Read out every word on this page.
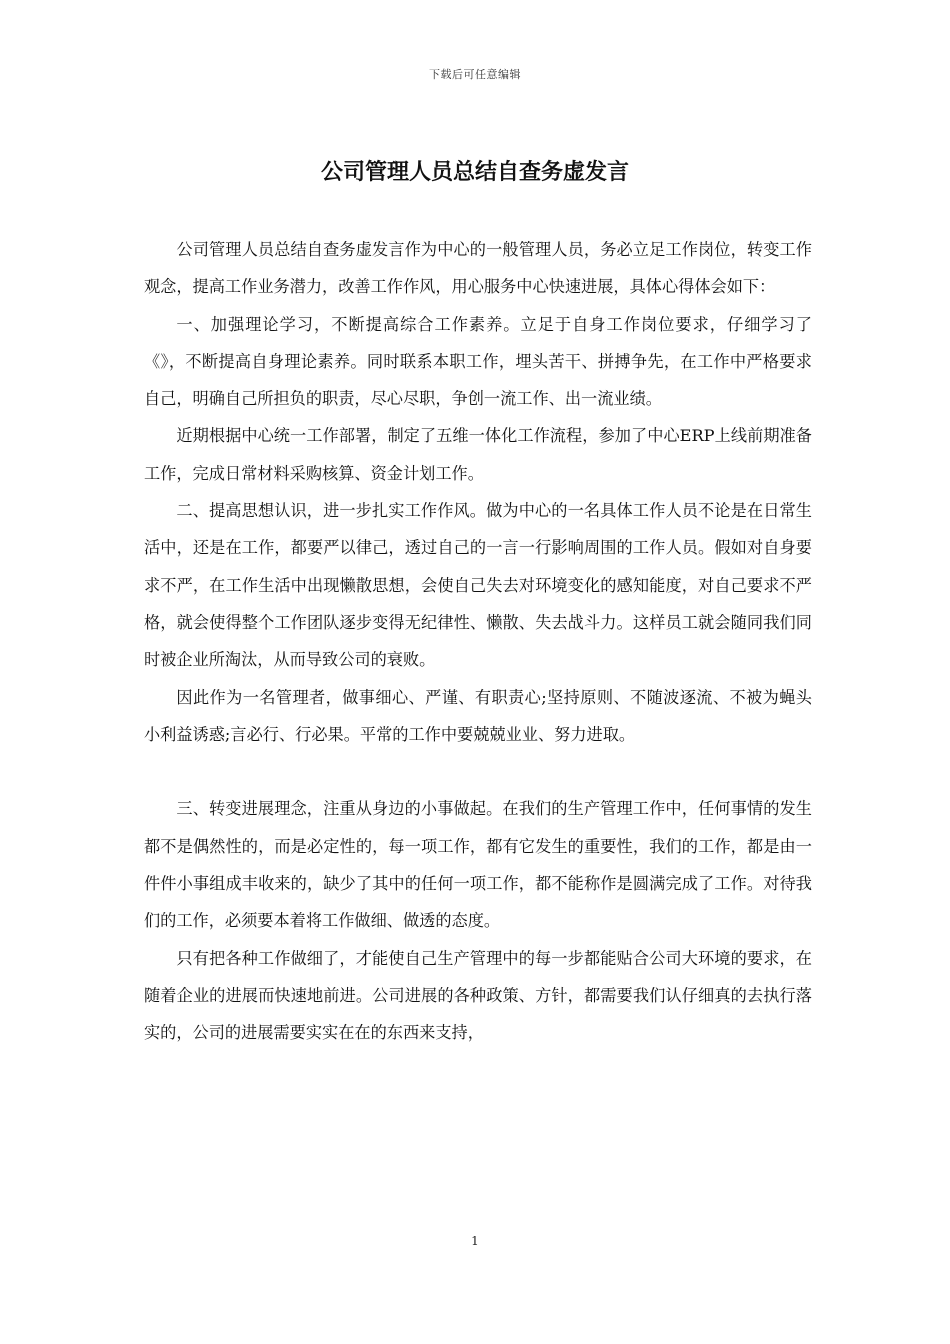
下载后可任意编辑
公司管理人员总结自查务虚发言

公司管理人员总结自查务虚发言作为中心的一般管理人员，务必立足工作岗位，转变工作观念，提高工作业务潜力，改善工作作风，用心服务中心快速进展，具体心得体会如下：

一、加强理论学习，不断提高综合工作素养。立足于自身工作岗位要求，仔细学习了《》，不断提高自身理论素养。同时联系本职工作，埋头苦干、拼搏争先，在工作中严格要求自己，明确自己所担负的职责，尽心尽职，争创一流工作、出一流业绩。

近期根据中心统一工作部署，制定了五维一体化工作流程，参加了中心ERP上线前期准备工作，完成日常材料采购核算、资金计划工作。

二、提高思想认识，进一步扎实工作作风。做为中心的一名具体工作人员不论是在日常生活中，还是在工作，都要严以律己，透过自己的一言一行影响周围的工作人员。假如对自身要求不严，在工作生活中出现懒散思想，会使自己失去对环境变化的感知能度，对自己要求不严格，就会使得整个工作团队逐步变得无纪律性、懒散、失去战斗力。这样员工就会随同我们同时被企业所淘汰，从而导致公司的衰败。

因此作为一名管理者，做事细心、严谨、有职责心;坚持原则、不随波逐流、不被为蝇头小利益诱惑;言必行、行必果。平常的工作中要兢兢业业、努力进取。

三、转变进展理念，注重从身边的小事做起。在我们的生产管理工作中，任何事情的发生都不是偶然性的，而是必定性的，每一项工作，都有它发生的重要性，我们的工作，都是由一件件小事组成丰收来的，缺少了其中的任何一项工作，都不能称作是圆满完成了工作。对待我们的工作，必须要本着将工作做细、做透的态度。

只有把各种工作做细了，才能使自己生产管理中的每一步都能贴合公司大环境的要求，在随着企业的进展而快速地前进。公司进展的各种政策、方针，都需要我们认仔细真的去执行落实的，公司的进展需要实实在在的东西来支持，

1
